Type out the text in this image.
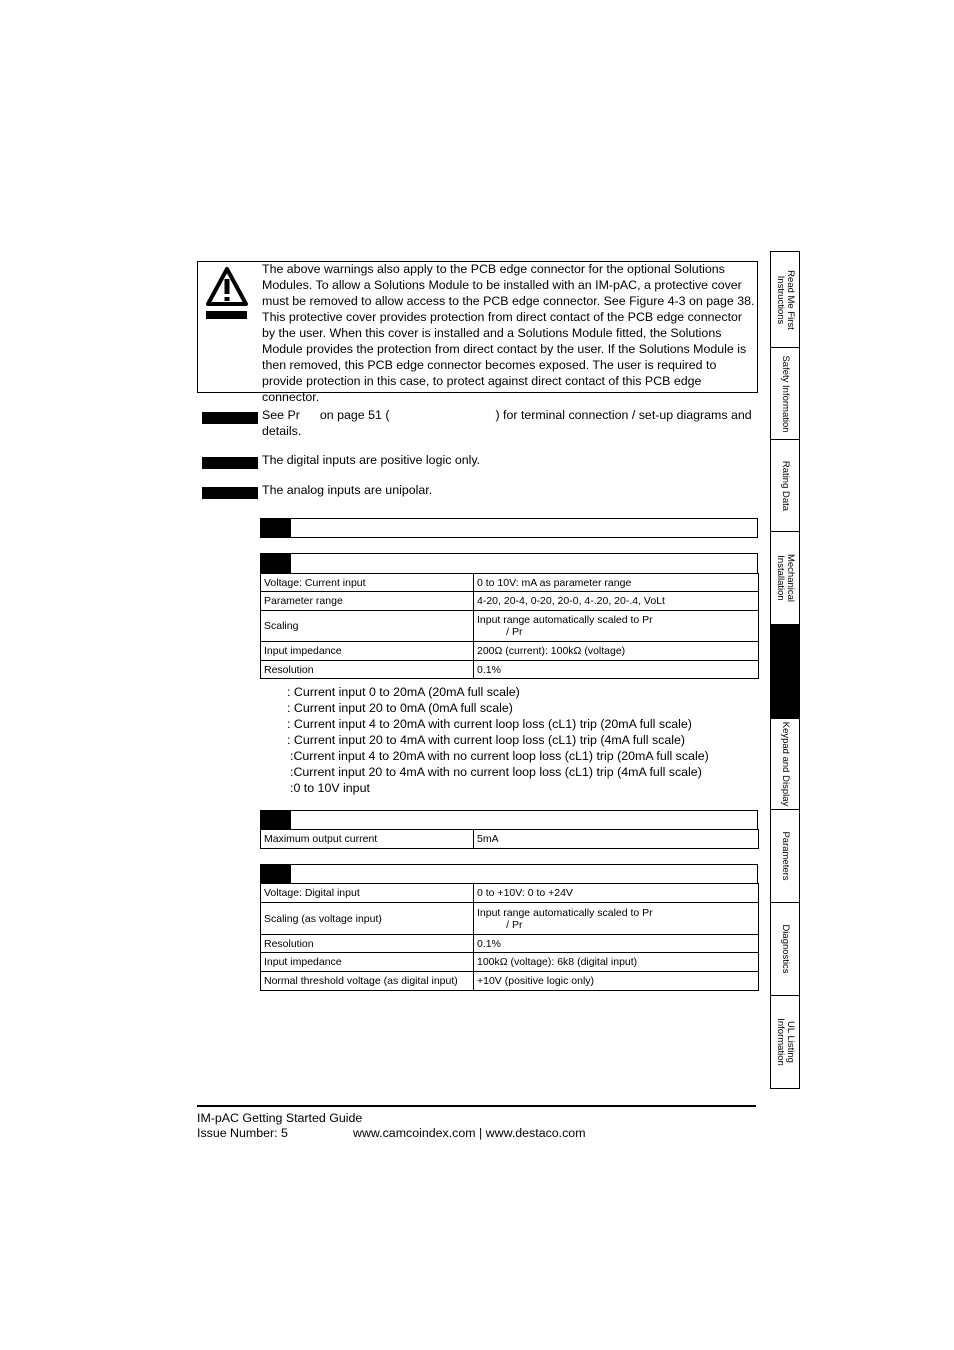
The above warnings also apply to the PCB edge connector for the optional Solutions Modules. To allow a Solutions Module to be installed with an IM-pAC, a protective cover must be removed to allow access to the PCB edge connector. See Figure 4-3 on page 38. This protective cover provides protection from direct contact of the PCB edge connector by the user. When this cover is installed and a Solutions Module fitted, the Solutions Module provides the protection from direct contact by the user. If the Solutions Module is then removed, this PCB edge connector becomes exposed. The user is required to provide protection in this case, to protect against direct contact of this PCB edge connector.
See Pr on page 51 (	) for terminal connection / set-up diagrams and details.
The digital inputs are positive logic only.
The analog inputs are unipolar.
Voltage: Current input	0 to 10V: mA as parameter range
Parameter range	4-20, 20-4, 0-20, 20-0, 4-.20, 20-.4, VoLt
Scaling	Input range automatically scaled to Pr
/ Pr
Input impedance	200Ω (current): 100kΩ (voltage)
Resolution	0.1%
: Current input 0 to 20mA (20mA full scale)
: Current input 20 to 0mA (0mA full scale)
: Current input 4 to 20mA with current loop loss (cL1) trip (20mA full scale)
: Current input 20 to 4mA with current loop loss (cL1) trip (4mA full scale)
:Current input 4 to 20mA with no current loop loss (cL1) trip (20mA full scale)
:Current input 20 to 4mA with no current loop loss (cL1) trip (4mA full scale)
:0 to 10V input
Maximum output current	5mA
Voltage: Digital input	0 to +10V: 0 to +24V
Scaling (as voltage input)	Input range automatically scaled to Pr
/ Pr
Resolution	0.1%
Input impedance	100kΩ (voltage): 6k8 (digital input)
Normal threshold voltage (as digital input)	+10V (positive logic only)
Read Me First
Instructions
Safety Information
Rating Data
Mechanical
Installation
Keypad and Display
Parameters
Diagnostics
UL Listing
Information
IM-pAC Getting Started Guide
Issue Number: 5	www.camcoindex.com | www.destaco.com
